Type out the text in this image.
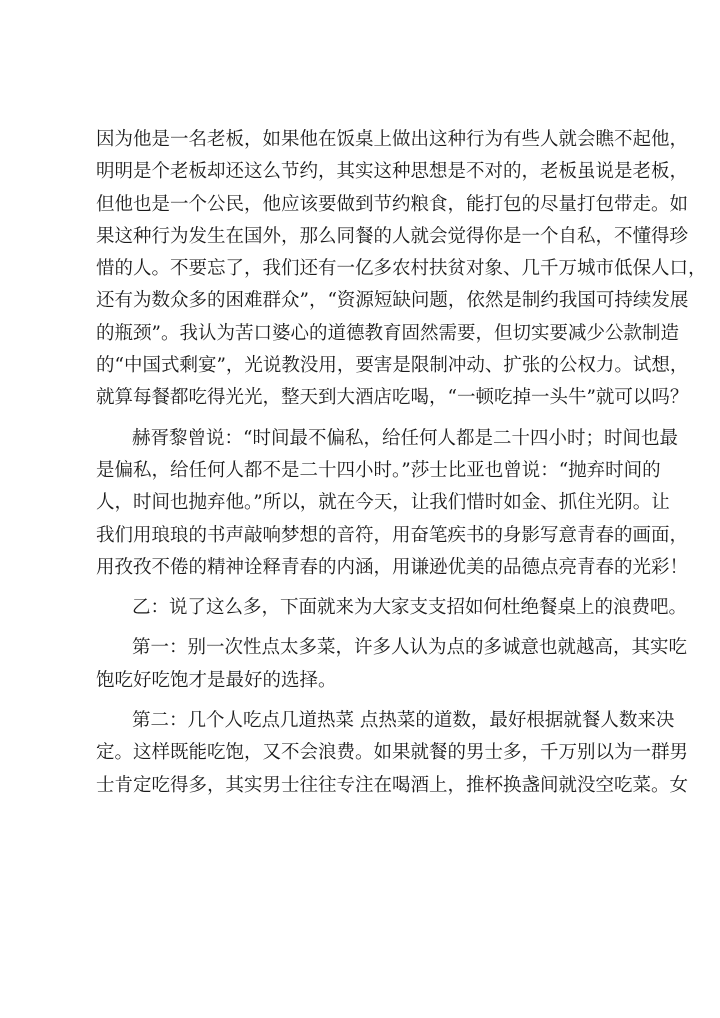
因为他是一名老板，如果他在饭桌上做出这种行为有些人就会瞧不起他，
明明是个老板却还这么节约，其实这种思想是不对的，老板虽说是老板，
但他也是一个公民，他应该要做到节约粮食，能打包的尽量打包带走。如
果这种行为发生在国外，那么同餐的人就会觉得你是一个自私，不懂得珍
惜的人。不要忘了，我们还有一亿多农村扶贫对象、几千万城市低保人口，
还有为数众多的困难群众”，“资源短缺问题，依然是制约我国可持续发展
的瓶颈”。我认为苦口婆心的道德教育固然需要，但切实要减少公款制造
的“中国式剩宴”，光说教没用，要害是限制冲动、扩张的公权力。试想，
就算每餐都吃得光光，整天到大酒店吃喝，“一顿吃掉一头牛”就可以吗？
赫胥黎曾说：“时间最不偏私，给任何人都是二十四小时；时间也最
是偏私，给任何人都不是二十四小时。”莎士比亚也曾说：“抛弃时间的
人，时间也抛弃他。”所以，就在今天，让我们惜时如金、抓住光阴。让
我们用琅琅的书声敲响梦想的音符，用奋笔疾书的身影写意青春的画面，
用孜孜不倦的精神诠释青春的内涵，用谦逊优美的品德点亮青春的光彩！
乙：说了这么多，下面就来为大家支支招如何杜绝餐桌上的浪费吧。
第一：别一次性点太多菜，许多人认为点的多诚意也就越高，其实吃
饱吃好吃饱才是最好的选择。
第二：几个人吃点几道热菜 点热菜的道数，最好根据就餐人数来决
定。这样既能吃饱，又不会浪费。如果就餐的男士多，千万别以为一群男
士肯定吃得多，其实男士往往专注在喝酒上，推杯换盏间就没空吃菜。女
